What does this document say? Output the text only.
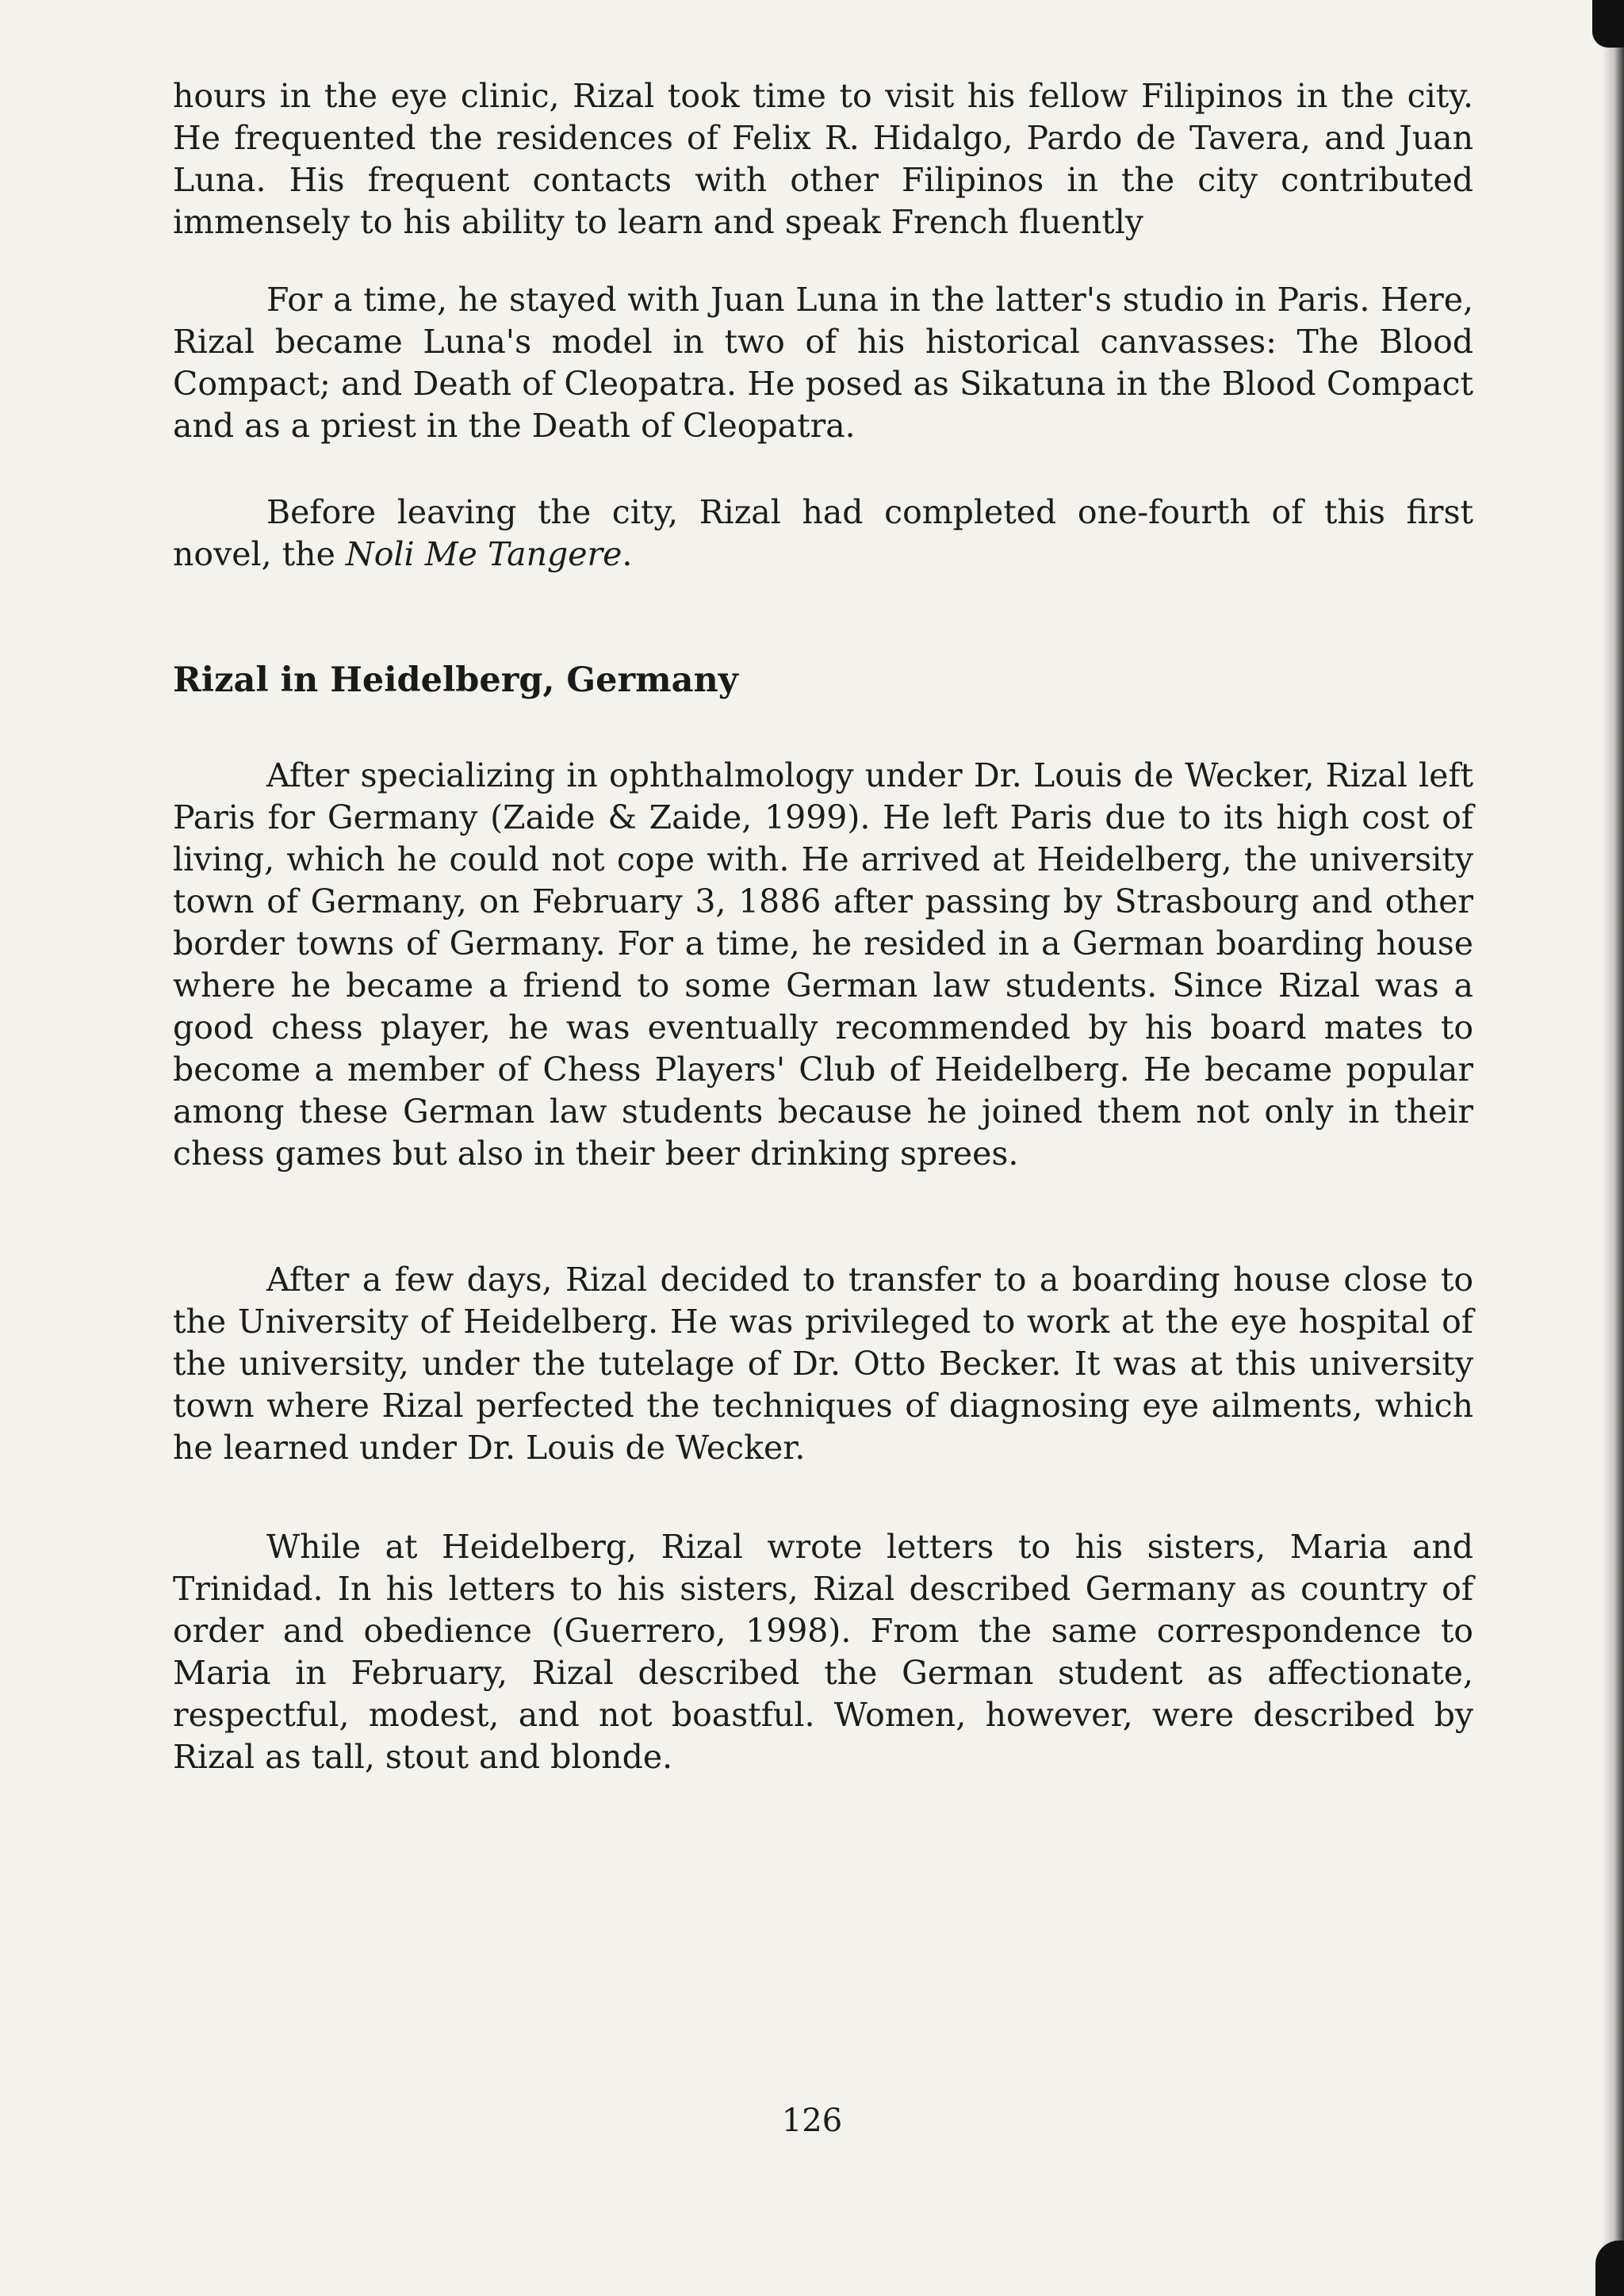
hours in the eye clinic, Rizal took time to visit his fellow Filipinos in the city. He frequented the residences of Felix R. Hidalgo, Pardo de Tavera, and Juan Luna. His frequent contacts with other Filipinos in the city contributed immensely to his ability to learn and speak French fluently

For a time, he stayed with Juan Luna in the latter's studio in Paris. Here, Rizal became Luna's model in two of his historical canvasses: The Blood Compact; and Death of Cleopatra. He posed as Sikatuna in the Blood Compact and as a priest in the Death of Cleopatra.

Before leaving the city, Rizal had completed one-fourth of this first novel, the Noli Me Tangere.

Rizal in Heidelberg, Germany

After specializing in ophthalmology under Dr. Louis de Wecker, Rizal left Paris for Germany (Zaide & Zaide, 1999). He left Paris due to its high cost of living, which he could not cope with. He arrived at Heidelberg, the university town of Germany, on February 3, 1886 after passing by Strasbourg and other border towns of Germany. For a time, he resided in a German boarding house where he became a friend to some German law students. Since Rizal was a good chess player, he was eventually recommended by his board mates to become a member of Chess Players' Club of Heidelberg. He became popular among these German law students because he joined them not only in their chess games but also in their beer drinking sprees.

After a few days, Rizal decided to transfer to a boarding house close to the University of Heidelberg. He was privileged to work at the eye hospital of the university, under the tutelage of Dr. Otto Becker. It was at this university town where Rizal perfected the techniques of diagnosing eye ailments, which he learned under Dr. Louis de Wecker.

While at Heidelberg, Rizal wrote letters to his sisters, Maria and Trinidad. In his letters to his sisters, Rizal described Germany as country of order and obedience (Guerrero, 1998). From the same correspondence to Maria in February, Rizal described the German student as affectionate, respectful, modest, and not boastful. Women, however, were described by Rizal as tall, stout and blonde.

126
